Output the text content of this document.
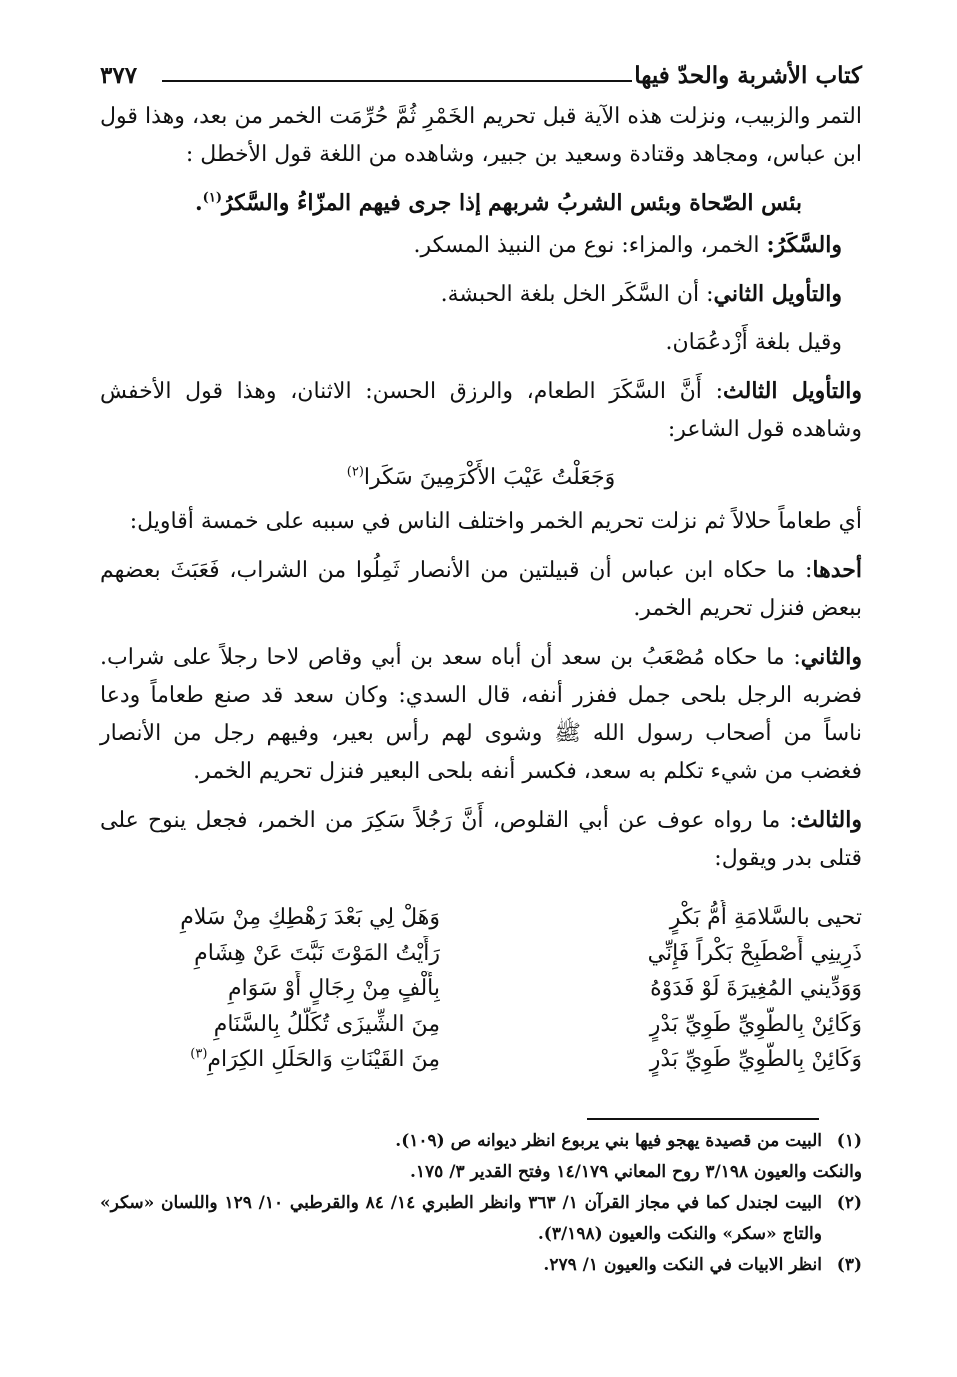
كتاب الأشربة والحدّ فيها
٣٧٧

التمر والزبيب، ونزلت هذه الآية قبل تحريم الخَمْرِ ثُمَّ حُرِّمَت الخمر من بعد، وهذا قول ابن عباس، ومجاهد وقتادة وسعيد بن جبير، وشاهده من اللغة قول الأخطل :

بئس الصّحاة وبئس الشربُ شربهم
إذا جرى فيهم المزّاءُ والسَّكرُ$^{(١)}$.

والسَّكَرُ: الخمر، والمزاء: نوع من النبيذ المسكر.

والتأويل الثاني: أن السَّكَر الخل بلغة الحبشة.

وقيل بلغة أَزْدعُمَان.

والتأويل الثالث: أَنَّ السَّكَرَ الطعام، والرزق الحسن: الاثنان، وهذا قول الأخفش وشاهده قول الشاعر:

وَجَعَلْتُ عَيْبَ الأَكْرَمِينَ سَكَرا$^{(٢)}$

أي طعاماً حلالاً ثم نزلت تحريم الخمر واختلف الناس في سببه على خمسة أقاويل:

أحدها: ما حكاه ابن عباس أن قبيلتين من الأنصار ثَمِلُوا من الشراب، فَعَبَثَ بعضهم ببعض فنزل تحريم الخمر.

والثاني: ما حكاه مُصْعَبُ بن سعد أن أباه سعد بن أبي وقاص لاحا رجلاً على شراب. فضربه الرجل بلحى جمل ففزر أنفه، قال السدي: وكان سعد قد صنع طعاماً ودعا ناساً من أصحاب رسول الله ﷺ وشوى لهم رأس بعير، وفيهم رجل من الأنصار فغضب من شيء تكلم به سعد، فكسر أنفه بلحى البعير فنزل تحريم الخمر.

والثالث: ما رواه عوف عن أبي القلوص، أَنَّ رَجُلاً سَكِرَ من الخمر، فجعل ينوح على قتلى بدر ويقول:

تحيى بالسَّلامَةِ أُمُّ بَكْرٍ
وَهَلْ لِي بَعْدَ رَهْطِكِ مِنْ سَلامِ
ذَرِينِي أَصْطَبِحْ بَكْراً فَإِنِّي
رَأَيْتُ المَوْتَ نَبَّتَ عَنْ هِشَامِ
وَوَدِّيني المُغِيرَةَ لَوْ فَدَوْهُ
بِأَلْفٍ مِنْ رِجَالٍ أَوْ سَوَامِ
وَكَائِنْ بِالطَّوِيِّ طَوِيِّ بَدْرٍ
مِنَ الشِّيزَى تُكَلَّلُ بِالسَّنَامِ
وَكَائِنْ بِالطَّوِيِّ طَوِيِّ بَدْرٍ
مِنَ القَيْنَاتِ وَالحَلَلِ الكِرَامِ$^{(٣)}$
(١)
البيت من قصيدة يهجو فيها بني يربوع انظر ديوانه ص (١٠٩).
والنكت والعيون ٣/١٩٨ روح المعاني ١٤/١٧٩ وفتح القدير ٣/ ١٧٥.
(٢)
البيت لجندل كما في مجاز القرآن ١/ ٣٦٣ وانظر الطبري ١٤/ ٨٤ والقرطبي ١٠/ ١٢٩ واللسان «سكر» والتاج «سكر» والنكت والعيون (٣/١٩٨).
(٣)
انظر الابيات في النكت والعيون ١/ ٢٧٩.
